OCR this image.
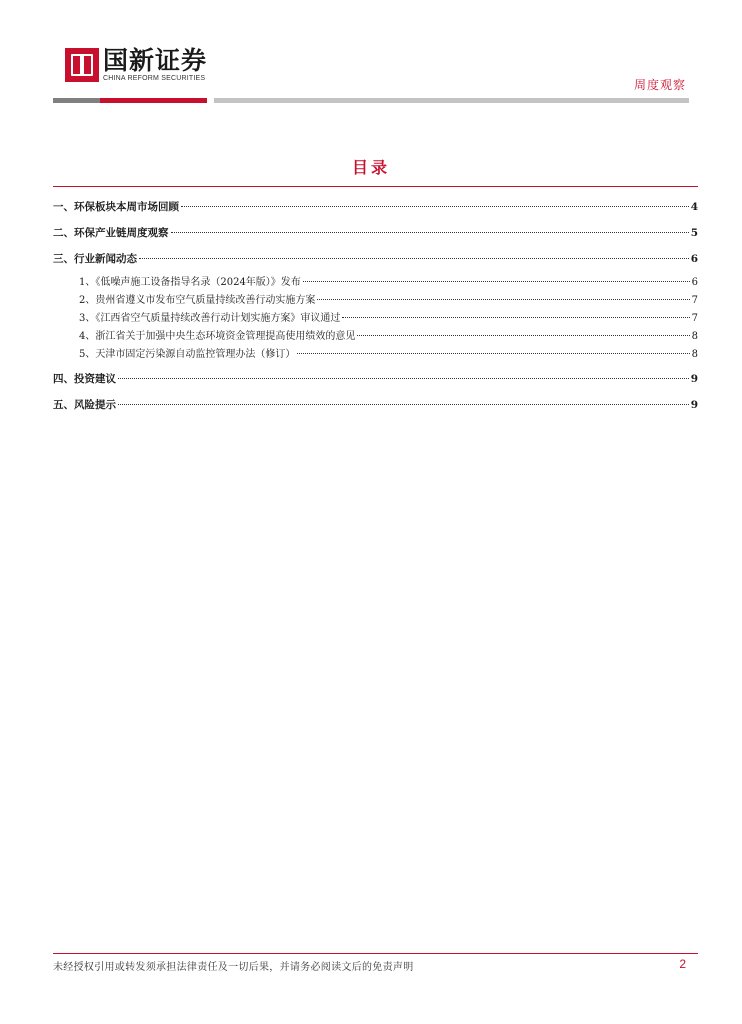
国新证券
CHINA REFORM SECURITIES	周度观察
目录
一、环保板块本周市场回顾	4
二、环保产业链周度观察	5
三、行业新闻动态	6
1、《低噪声施工设备指导名录（2024年版）》发布	6
2、贵州省遵义市发布空气质量持续改善行动实施方案	7
3、《江西省空气质量持续改善行动计划实施方案》审议通过	7
4、浙江省关于加强中央生态环境资金管理提高使用绩效的意见	8
5、天津市固定污染源自动监控管理办法（修订）	8
四、投资建议	9
五、风险提示	9
未经授权引用或转发须承担法律责任及一切后果，并请务必阅读文后的免责声明	2
